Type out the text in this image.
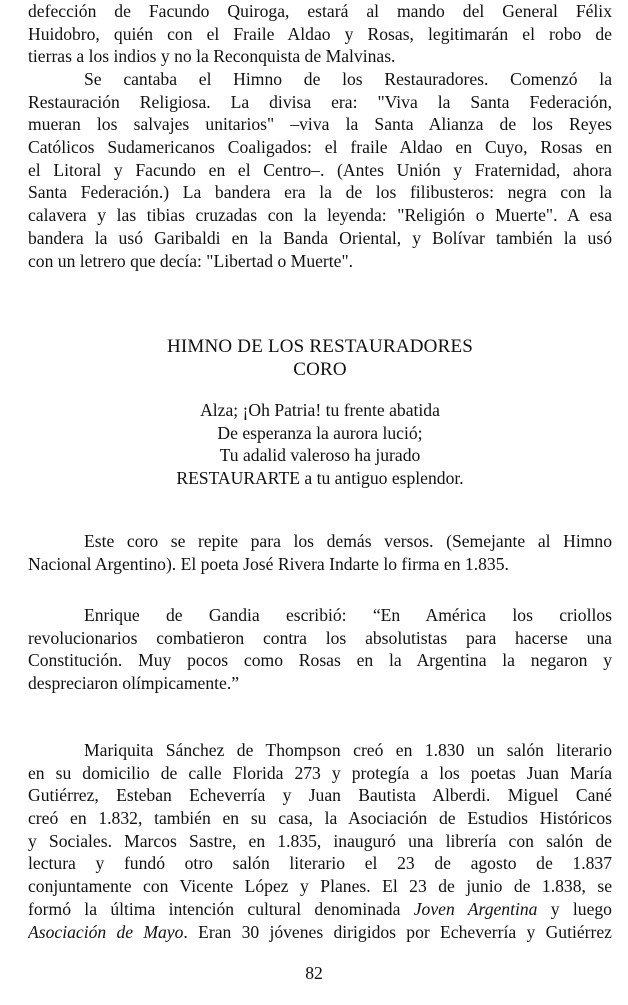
defección de Facundo Quiroga, estará al mando del General Félix
Huidobro, quién con el Fraile Aldao y Rosas, legitimarán el robo de
tierras a los indios y no la Reconquista de Malvinas.
Se cantaba el Himno de los Restauradores. Comenzó la
Restauración Religiosa. La divisa era: "Viva la Santa Federación,
mueran los salvajes unitarios" –viva la Santa Alianza de los Reyes
Católicos Sudamericanos Coaligados: el fraile Aldao en Cuyo, Rosas en
el Litoral y Facundo en el Centro–. (Antes Unión y Fraternidad, ahora
Santa Federación.) La bandera era la de los filibusteros: negra con la
calavera y las tibias cruzadas con la leyenda: "Religión o Muerte". A esa
bandera la usó Garibaldi en la Banda Oriental, y Bolívar también la usó
con un letrero que decía: "Libertad o Muerte".
HIMNO DE LOS RESTAURADORES
CORO
Alza; ¡Oh Patria! tu frente abatida
De esperanza la aurora lució;
Tu adalid valeroso ha jurado
RESTAURARTE a tu antiguo esplendor.
Este coro se repite para los demás versos. (Semejante al Himno
Nacional Argentino). El poeta José Rivera Indarte lo firma en 1.835.
Enrique de Gandia escribió: “En América los criollos
revolucionarios combatieron contra los absolutistas para hacerse una
Constitución. Muy pocos como Rosas en la Argentina la negaron y
despreciaron olímpicamente.”
Mariquita Sánchez de Thompson creó en 1.830 un salón literario
en su domicilio de calle Florida 273 y protegía a los poetas Juan María
Gutiérrez, Esteban Echeverría y Juan Bautista Alberdi. Miguel Cané
creó en 1.832, también en su casa, la Asociación de Estudios Históricos
y Sociales. Marcos Sastre, en 1.835, inauguró una librería con salón de
lectura y fundó otro salón literario el 23 de agosto de 1.837
conjuntamente con Vicente López y Planes. El 23 de junio de 1.838, se
formó la última intención cultural denominada Joven Argentina y luego
Asociación de Mayo. Eran 30 jóvenes dirigidos por Echeverría y Gutiérrez
82
